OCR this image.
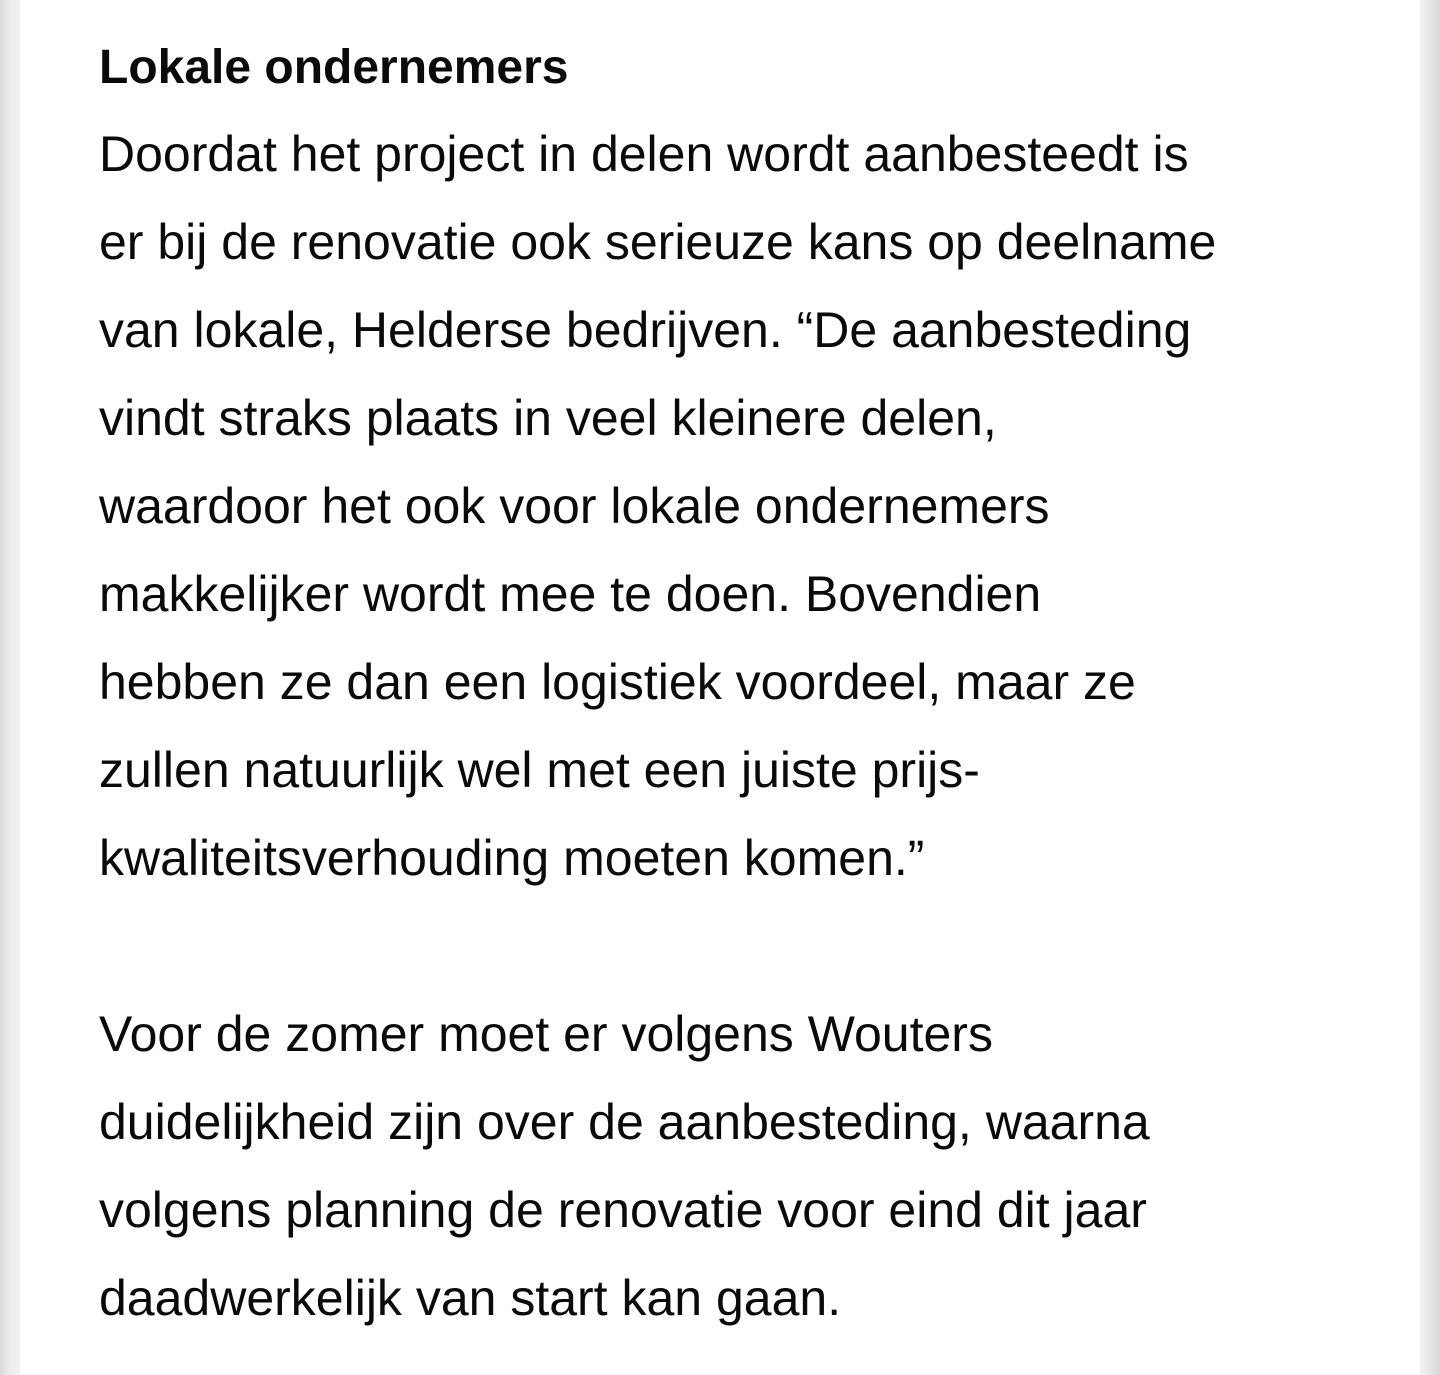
Lokale ondernemers

Doordat het project in delen wordt aanbesteedt is
er bij de renovatie ook serieuze kans op deelname
van lokale, Helderse bedrijven. “De aanbesteding
vindt straks plaats in veel kleinere delen,
waardoor het ook voor lokale ondernemers
makkelijker wordt mee te doen. Bovendien
hebben ze dan een logistiek voordeel, maar ze
zullen natuurlijk wel met een juiste prijs-
kwaliteitsverhouding moeten komen.”

Voor de zomer moet er volgens Wouters
duidelijkheid zijn over de aanbesteding, waarna
volgens planning de renovatie voor eind dit jaar
daadwerkelijk van start kan gaan.
